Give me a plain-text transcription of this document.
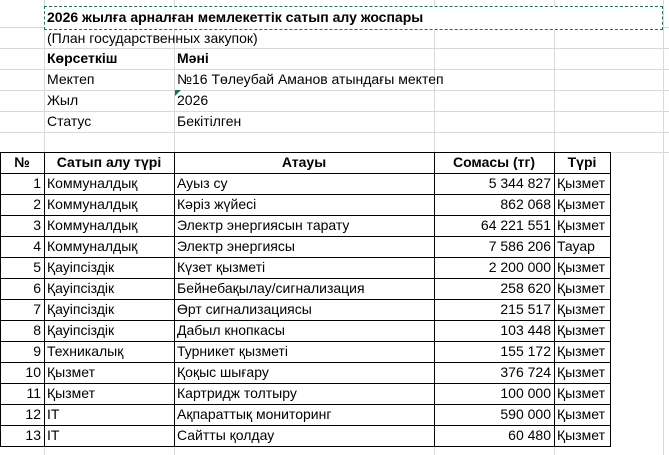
2026 жылға арналған мемлекеттік сатып алу жоспары
(План государственных закупок)
Көрсеткіш	Мәні
Мектеп	№16 Төлеубай Аманов атындағы мектеп
Жыл	2026
Статус	Бекітілген
№	Сатып алу түрі	Атауы	Сомасы (тг)	Түрі
1 Коммуналдық	Ауыз су	5 344 827 Қызмет
2 Коммуналдық	Кәріз жүйесі	862 068 Қызмет
3 Коммуналдық	Электр энергиясын тарату	64 221 551 Қызмет
4 Коммуналдық	Электр энергиясы	7 586 206 Тауар
5 Қауіпсіздік	Күзет қызметі	2 200 000 Қызмет
6 Қауіпсіздік	Бейнебақылау/сигнализация	258 620 Қызмет
7 Қауіпсіздік	Өрт сигнализациясы	215 517 Қызмет
8 Қауіпсіздік	Дабыл кнопкасы	103 448 Қызмет
9 Техникалық	Турникет қызметі	155 172 Қызмет
10 Қызмет	Қоқыс шығару	376 724 Қызмет
11 Қызмет	Картридж толтыру	100 000 Қызмет
12 IT	Ақпараттық мониторинг	590 000 Қызмет
13 IT	Сайтты қолдау	60 480 Қызмет
